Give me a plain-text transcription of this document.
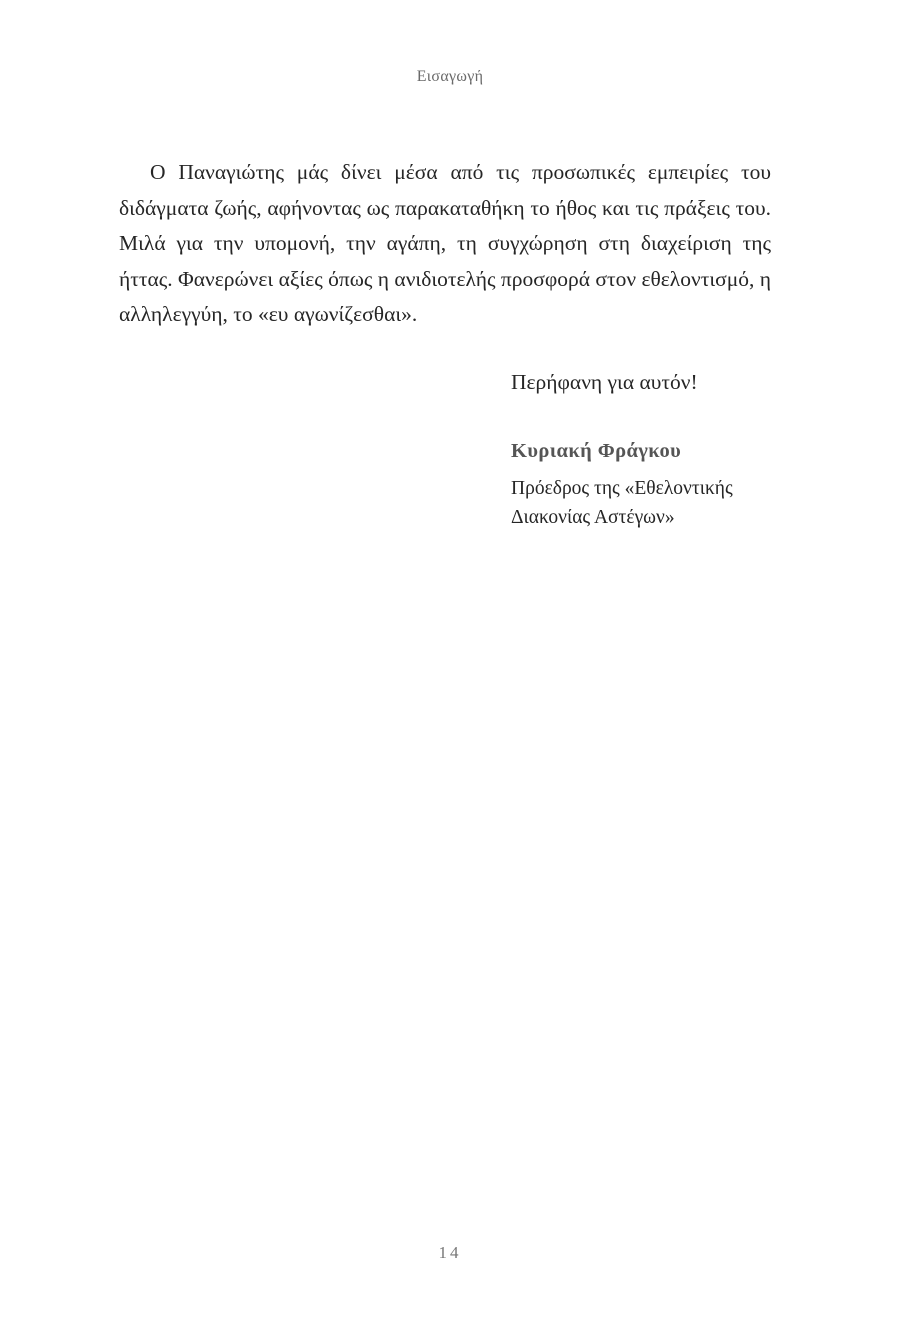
Εισαγωγή

Ο Παναγιώτης μάς δίνει μέσα από τις προσωπικές εμπειρίες του διδάγματα ζωής, αφήνοντας ως παρακαταθήκη το ήθος και τις πράξεις του. Μιλά για την υπομονή, την αγάπη, τη συγχώρηση στη διαχείριση της ήττας. Φανερώνει αξίες όπως η ανιδιοτελής προσφορά στον εθελοντισμό, η αλληλεγγύη, το «ευ αγωνίζεσθαι».

Περήφανη για αυτόν!

Κυριακή Φράγκου

Πρόεδρος της «Εθελοντικής
Διακονίας Αστέγων»

14
